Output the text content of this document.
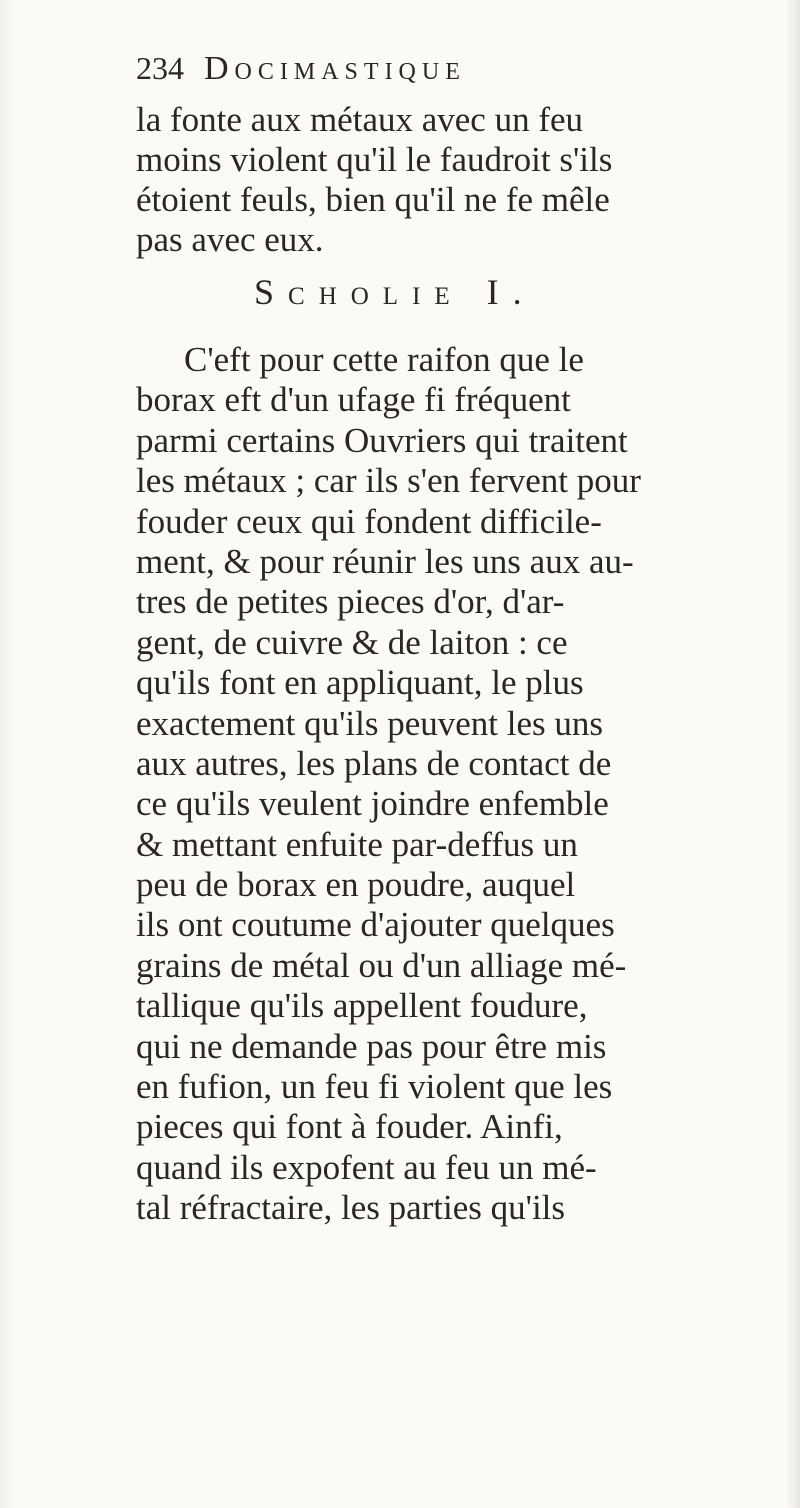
234 Docimastique
la fonte aux métaux avec un feu
moins violent qu'il le faudroit s'ils
étoient feuls, bien qu'il ne fe mêle
pas avec eux.
Scholie I.
C'eft pour cette raifon que le
borax eft d'un ufage fi fréquent
parmi certains Ouvriers qui traitent
les métaux ; car ils s'en fervent pour
fouder ceux qui fondent difficile-
ment, & pour réunir les uns aux au-
tres de petites pieces d'or, d'ar-
gent, de cuivre & de laiton : ce
qu'ils font en appliquant, le plus
exactement qu'ils peuvent les uns
aux autres, les plans de contact de
ce qu'ils veulent joindre enfemble
& mettant enfuite par-deffus un
peu de borax en poudre, auquel
ils ont coutume d'ajouter quelques
grains de métal ou d'un alliage mé-
tallique qu'ils appellent foudure,
qui ne demande pas pour être mis
en fufion, un feu fi violent que les
pieces qui font à fouder. Ainfi,
quand ils expofent au feu un mé-
tal réfractaire, les parties qu'ils
